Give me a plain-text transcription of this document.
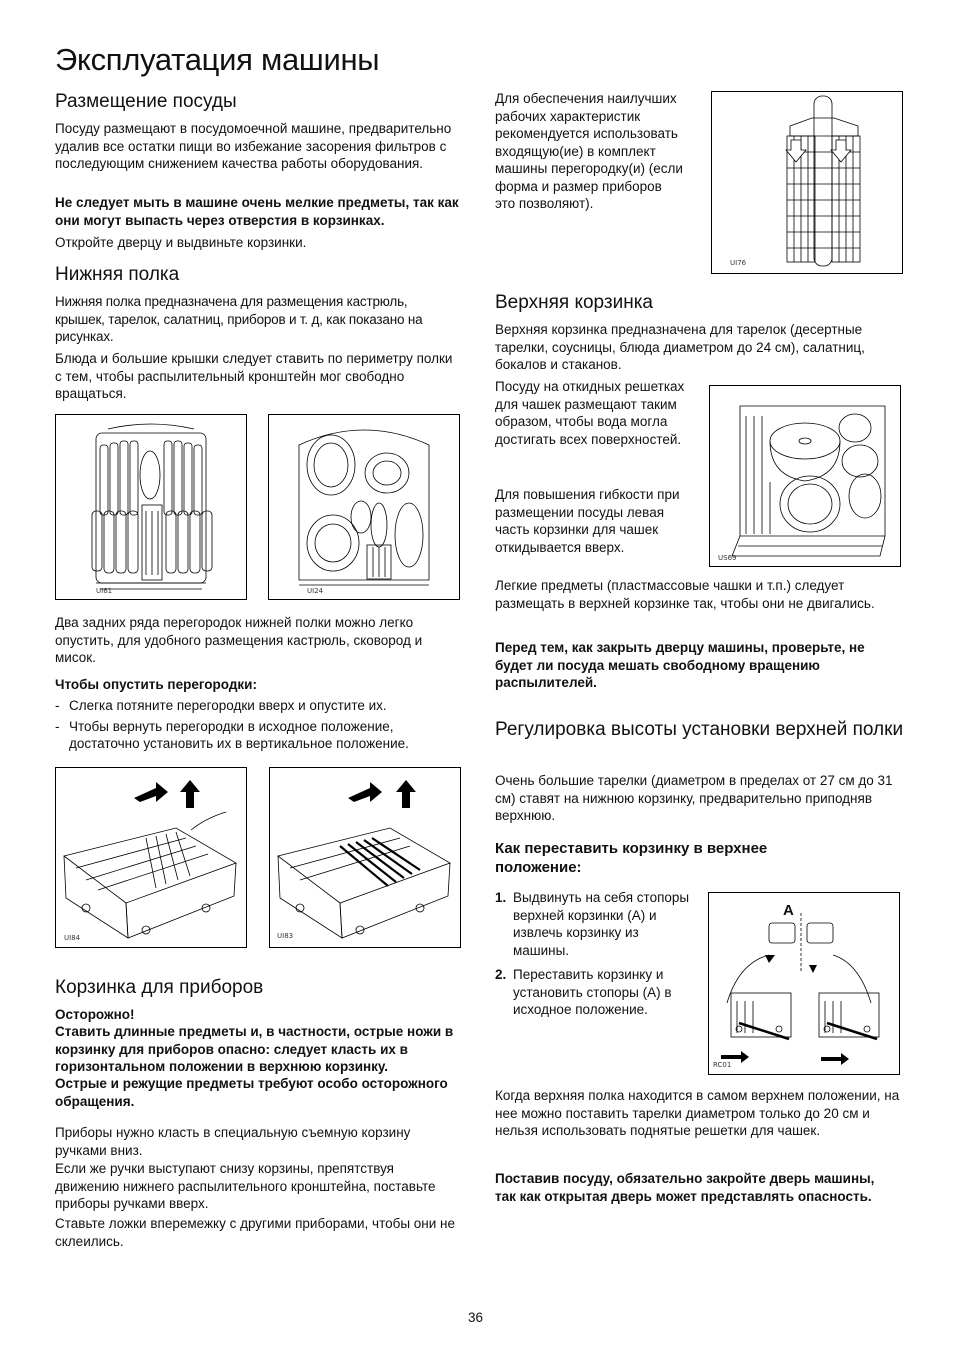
Эксплуатация машины
Размещение посуды

Посуду размещают в посудомоечной машине, предварительно удалив все остатки пищи во избежание засорения фильтров с последующим снижением качества работы оборудования.

Не следует мыть в машине очень мелкие предметы, так как они могут выпасть через отверстия в корзинках.

Откройте дверцу и выдвиньте корзинки.

Нижняя полка

Нижняя полка предназначена для размещения кастрюль, крышек, тарелок, салатниц, приборов и т. д, как показано на рисунках.

Блюда и большие крышки следует ставить по периметру полки с тем, чтобы распылительный кронштейн мог свободно вращаться.

UI61	UI24

Два задних ряда перегородок нижней полки можно легко опустить, для удобного размещения кастрюль, сковород и мисок.

Чтобы опустить перегородки:

- Слегка потяните перегородки вверх и опустите их.
- Чтобы вернуть перегородки в исходное положение, достаточно установить их в вертикальное положение.
UI84	UI83
Корзинка для приборов

Осторожно!

Ставить длинные предметы и, в частности, острые ножи в корзинку для приборов опасно: следует класть их в горизонтальном положении в верхнюю корзинку.

Острые и режущие предметы требуют особо осторожного обращения.

Приборы нужно класть в специальную съемную корзину ручками вниз.

Если же ручки выступают снизу корзины, препятствуя движению нижнего распылительного кронштейна, поставьте приборы ручками вверх.

Ставьте ложки вперемежку с другими приборами, чтобы они не склеились.

Для обеспечения наилучших рабочих характеристик рекомендуется использовать входящую(ие) в комплект машины перегородку(и) (если форма и размер приборов это позволяют).

UI76
Верхняя корзинка

Верхняя корзинка предназначена для тарелок (десертные тарелки, соусницы, блюда диаметром до 24 см), салатниц, бокалов и стаканов.

Посуду на откидных решетках для чашек размещают таким образом, чтобы вода могла достигать всех поверхностей.

Для повышения гибкости при размещении посуды левая часть корзинки для чашек откидывается вверх.

US69

Легкие предметы (пластмассовые чашки и т.п.) следует размещать в верхней корзинке так, чтобы они не двигались.

Перед тем, как закрыть дверцу машины, проверьте, не будет ли посуда мешать свободному вращению распылителей.

Регулировка высоты установки верхней полки

Очень большие тарелки (диаметром в пределах от 27 см до 31 см) ставят на нижнюю корзинку, предварительно приподняв верхнюю.

Как переставить корзинку в верхнее положение:

1. Выдвинуть на себя стопоры верхней корзинки (А) и извлечь корзинку из машины.
2. Переставить корзинку и установить стопоры (А) в исходное положение.
A
RC01

Когда верхняя полка находится в самом верхнем положении, на нее можно поставить тарелки диаметром только до 20 см и нельзя использовать поднятые решетки для чашек.

Поставив посуду, обязательно закройте дверь машины, так как открытая дверь может представлять опасность.

36
